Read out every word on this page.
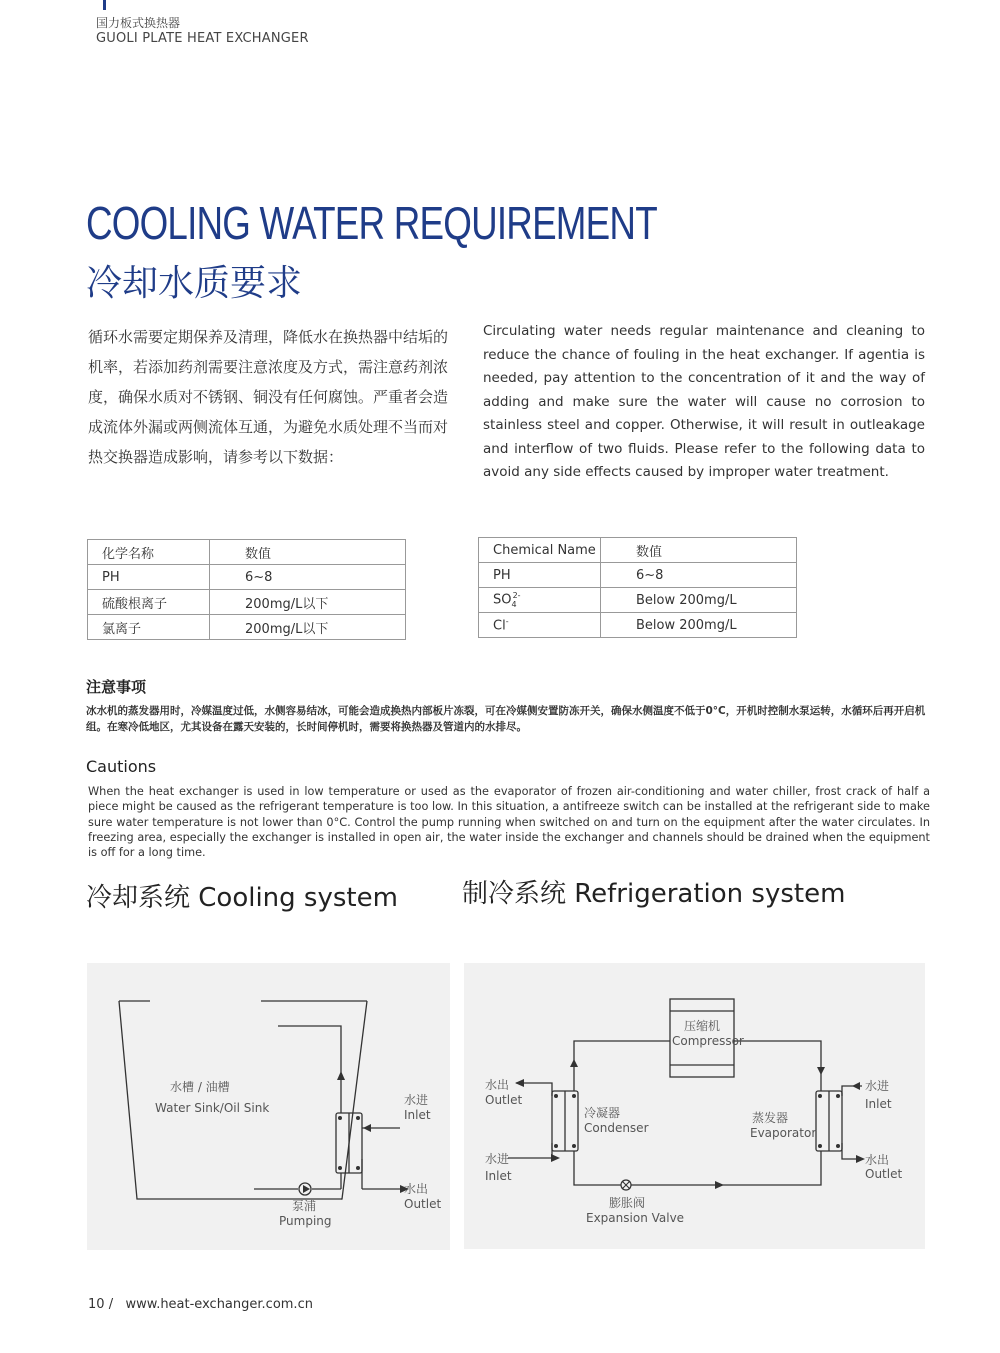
国力板式换热器
GUOLI PLATE HEAT EXCHANGER
COOLING WATER REQUIREMENT
冷却水质要求
循环水需要定期保养及清理，降低水在换热器中结垢的机率，若添加药剂需要注意浓度及方式，需注意药剂浓度，确保水质对不锈钢、铜没有任何腐蚀。严重者会造成流体外漏或两侧流体互通，为避免水质处理不当而对热交换器造成影响，请参考以下数据：
Circulating water needs regular maintenance and cleaning to reduce the chance of fouling in the heat exchanger. If agentia is needed, pay attention to the concentration of it and the way of adding and make sure the water will cause no corrosion to stainless steel and copper. Otherwise, it will result in outleakage and interflow of two fluids. Please refer to the following data to avoid any side effects caused by improper water treatment.
化学名称	数值
PH	6~8
硫酸根离子	200mg/L以下
氯离子	200mg/L以下
Chemical Name	数值
PH	6~8
$SO_4^{2-}$	Below 200mg/L
Cl-	Below 200mg/L
注意事项
冰水机的蒸发器用时，冷媒温度过低，水侧容易结冰，可能会造成换热内部板片冻裂，可在冷媒侧安置防冻开关，确保水侧温度不低于0°C，开机时控制水泵运转，水循环后再开启机组。在寒冷低地区，尤其设备在露天安装的，长时间停机时，需要将换热器及管道内的水排尽。
Cautions
When the heat exchanger is used in low temperature or used as the evaporator of frozen air-conditioning and water chiller, frost crack of half a piece might be caused as the refrigerant temperature is too low. In this situation, a antifreeze switch can be installed at the refrigerant side to make sure water temperature is not lower than 0°C. Control the pump running when switched on and turn on the equipment after the water circulates. In freezing area, especially the exchanger is installed in open air, the water inside the exchanger and channels should be drained when the equipment is off for a long time.
冷却系统 Cooling system 制冷系统 Refrigeration system
水槽 / 油槽
Water Sink/Oil Sink
水进
Inlet
水出
Outlet
泵浦
Pumping
压缩机
Compressor
冷凝器
Condenser
蒸发器
Evaporator
膨胀阀
Expansion Valve
水出
Outlet
水进
Inlet
水进
Inlet
水出
Outlet
10 /   www.heat-exchanger.com.cn
